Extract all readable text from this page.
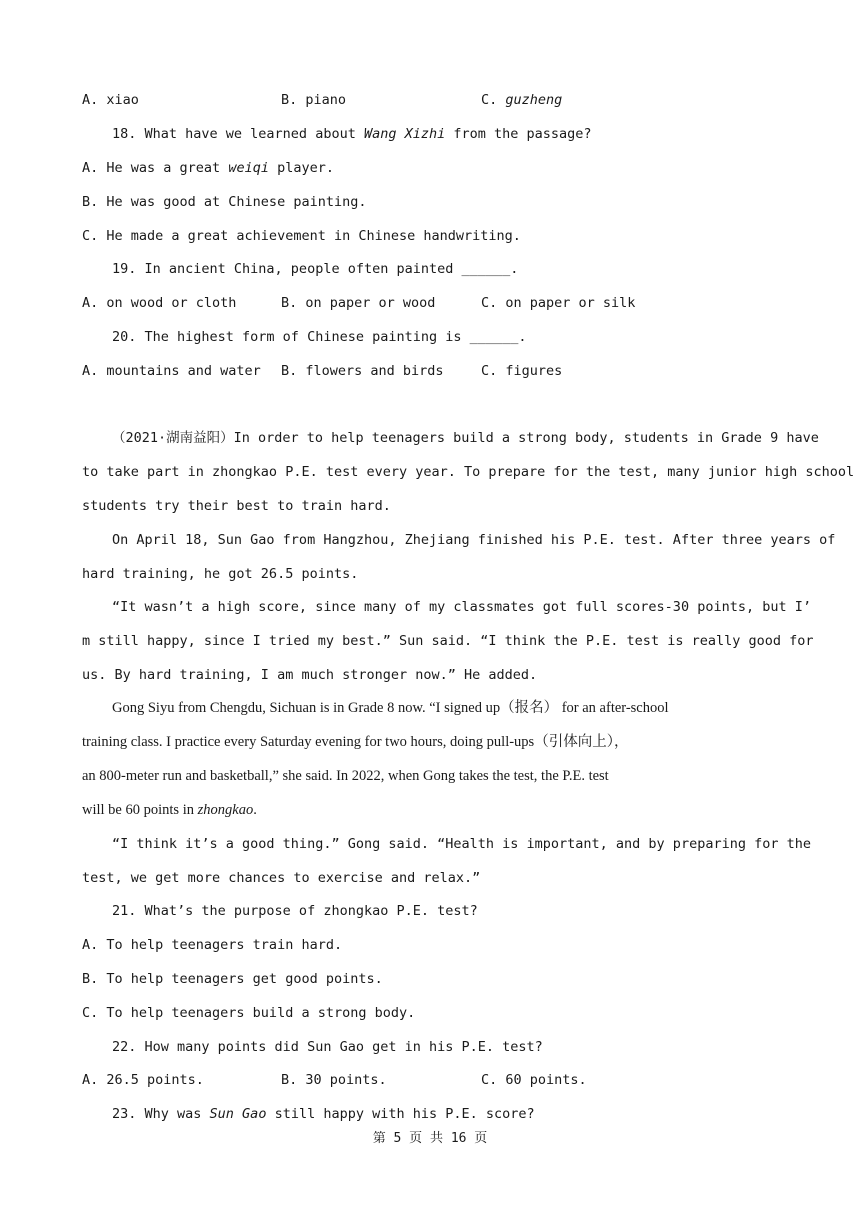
A. xiao	B. piano	C. guzheng
18. What have we learned about Wang Xizhi from the passage?
A. He was a great weiqi player.
B. He was good at Chinese painting.
C. He made a great achievement in Chinese handwriting.
19. In ancient China, people often painted ______.
A. on wood or cloth	B. on paper or wood	C. on paper or silk
20. The highest form of Chinese painting is ______.
A. mountains and water B. flowers and birds	C. figures
（2021·湖南益阳）In order to help teenagers build a strong body, students in Grade 9 have
to take part in zhongkao P.E. test every year. To prepare for the test, many junior high school
students try their best to train hard.
On April 18, Sun Gao from Hangzhou, Zhejiang finished his P.E. test. After three years of
hard training, he got 26.5 points.
“It wasn’t a high score, since many of my classmates got full scores-30 points, but I’
m still happy, since I tried my best.” Sun said. “I think the P.E. test is really good for
us. By hard training, I am much stronger now.” He added.
Gong Siyu from Chengdu, Sichuan is in Grade 8 now. “I signed up（报名） for an after-school
training class. I practice every Saturday evening for two hours, doing pull-ups（引体向上），
an 800-meter run and basketball,” she said. In 2022, when Gong takes the test, the P.E. test
will be 60 points in zhongkao.
“I think it’s a good thing.” Gong said. “Health is important, and by preparing for the
test, we get more chances to exercise and relax.”
21. What’s the purpose of zhongkao P.E. test?
A. To help teenagers train hard.
B. To help teenagers get good points.
C. To help teenagers build a strong body.
22. How many points did Sun Gao get in his P.E. test?
A. 26.5 points.	B. 30 points.	C. 60 points.
23. Why was Sun Gao still happy with his P.E. score?
第 5 页 共 16 页
